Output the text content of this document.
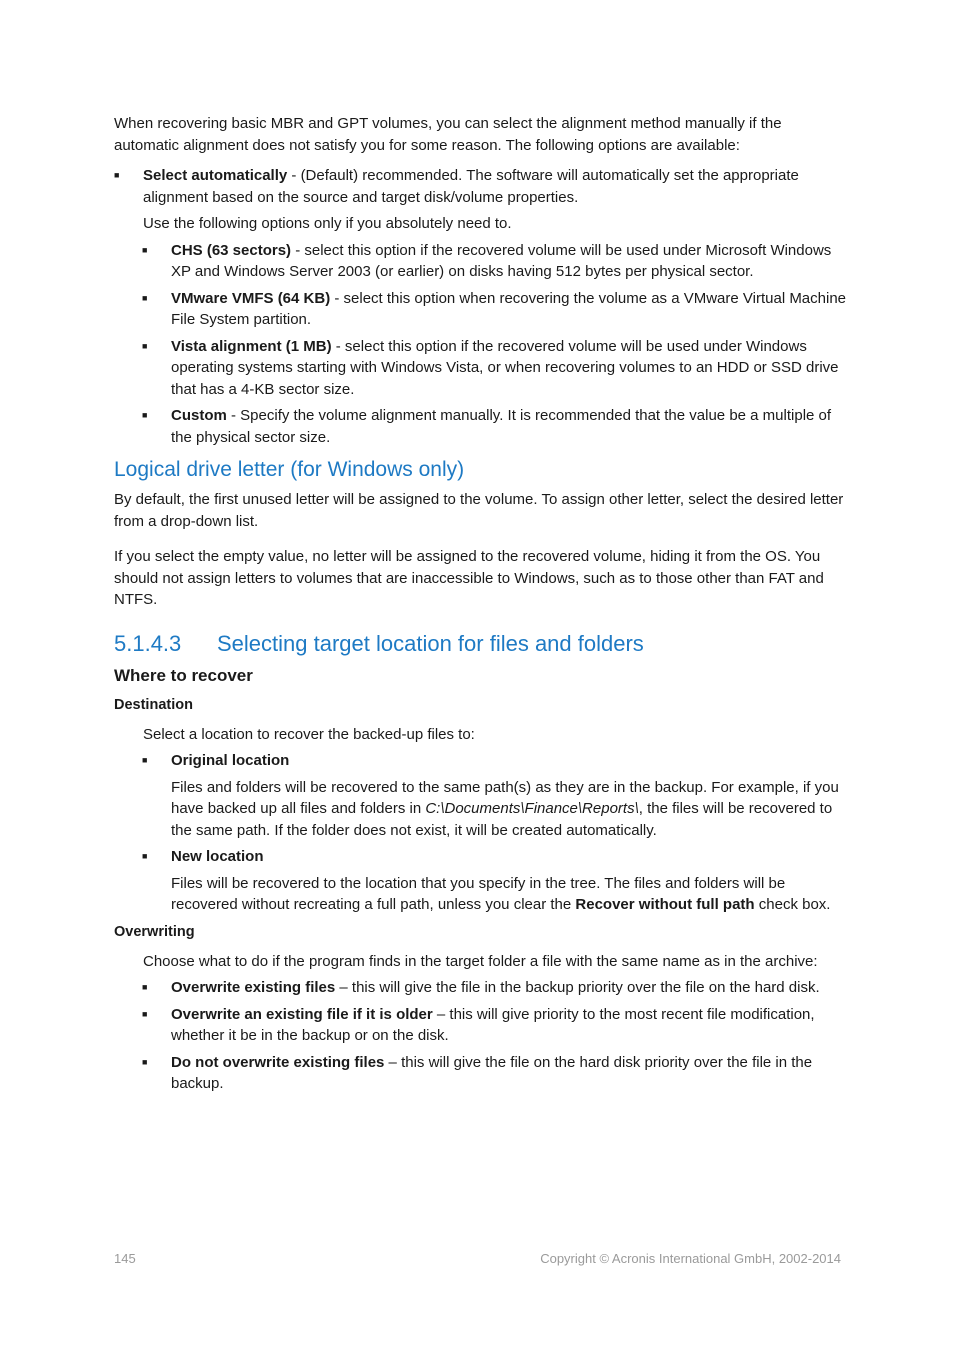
When recovering basic MBR and GPT volumes, you can select the alignment method manually if the automatic alignment does not satisfy you for some reason. The following options are available:

■ Select automatically - (Default) recommended. The software will automatically set the appropriate alignment based on the source and target disk/volume properties.

Use the following options only if you absolutely need to.

■ CHS (63 sectors) - select this option if the recovered volume will be used under Microsoft Windows XP and Windows Server 2003 (or earlier) on disks having 512 bytes per physical sector.

■ VMware VMFS (64 KB) - select this option when recovering the volume as a VMware Virtual Machine File System partition.

■ Vista alignment (1 MB) - select this option if the recovered volume will be used under Windows operating systems starting with Windows Vista, or when recovering volumes to an HDD or SSD drive that has a 4-KB sector size.

■ Custom - Specify the volume alignment manually. It is recommended that the value be a multiple of the physical sector size.

Logical drive letter (for Windows only)

By default, the first unused letter will be assigned to the volume. To assign other letter, select the desired letter from a drop-down list.

If you select the empty value, no letter will be assigned to the recovered volume, hiding it from the OS. You should not assign letters to volumes that are inaccessible to Windows, such as to those other than FAT and NTFS.

5.1.4.3 Selecting target location for files and folders
Where to recover
Destination

Select a location to recover the backed-up files to:

■ Original location

Files and folders will be recovered to the same path(s) as they are in the backup. For example, if you have backed up all files and folders in C:\Documents\Finance\Reports\, the files will be recovered to the same path. If the folder does not exist, it will be created automatically.

■ New location

Files will be recovered to the location that you specify in the tree. The files and folders will be recovered without recreating a full path, unless you clear the Recover without full path check box.

Overwriting

Choose what to do if the program finds in the target folder a file with the same name as in the archive:

■ Overwrite existing files – this will give the file in the backup priority over the file on the hard disk.

■ Overwrite an existing file if it is older – this will give priority to the most recent file modification, whether it be in the backup or on the disk.

■ Do not overwrite existing files – this will give the file on the hard disk priority over the file in the backup.

145	Copyright © Acronis International GmbH, 2002-2014
